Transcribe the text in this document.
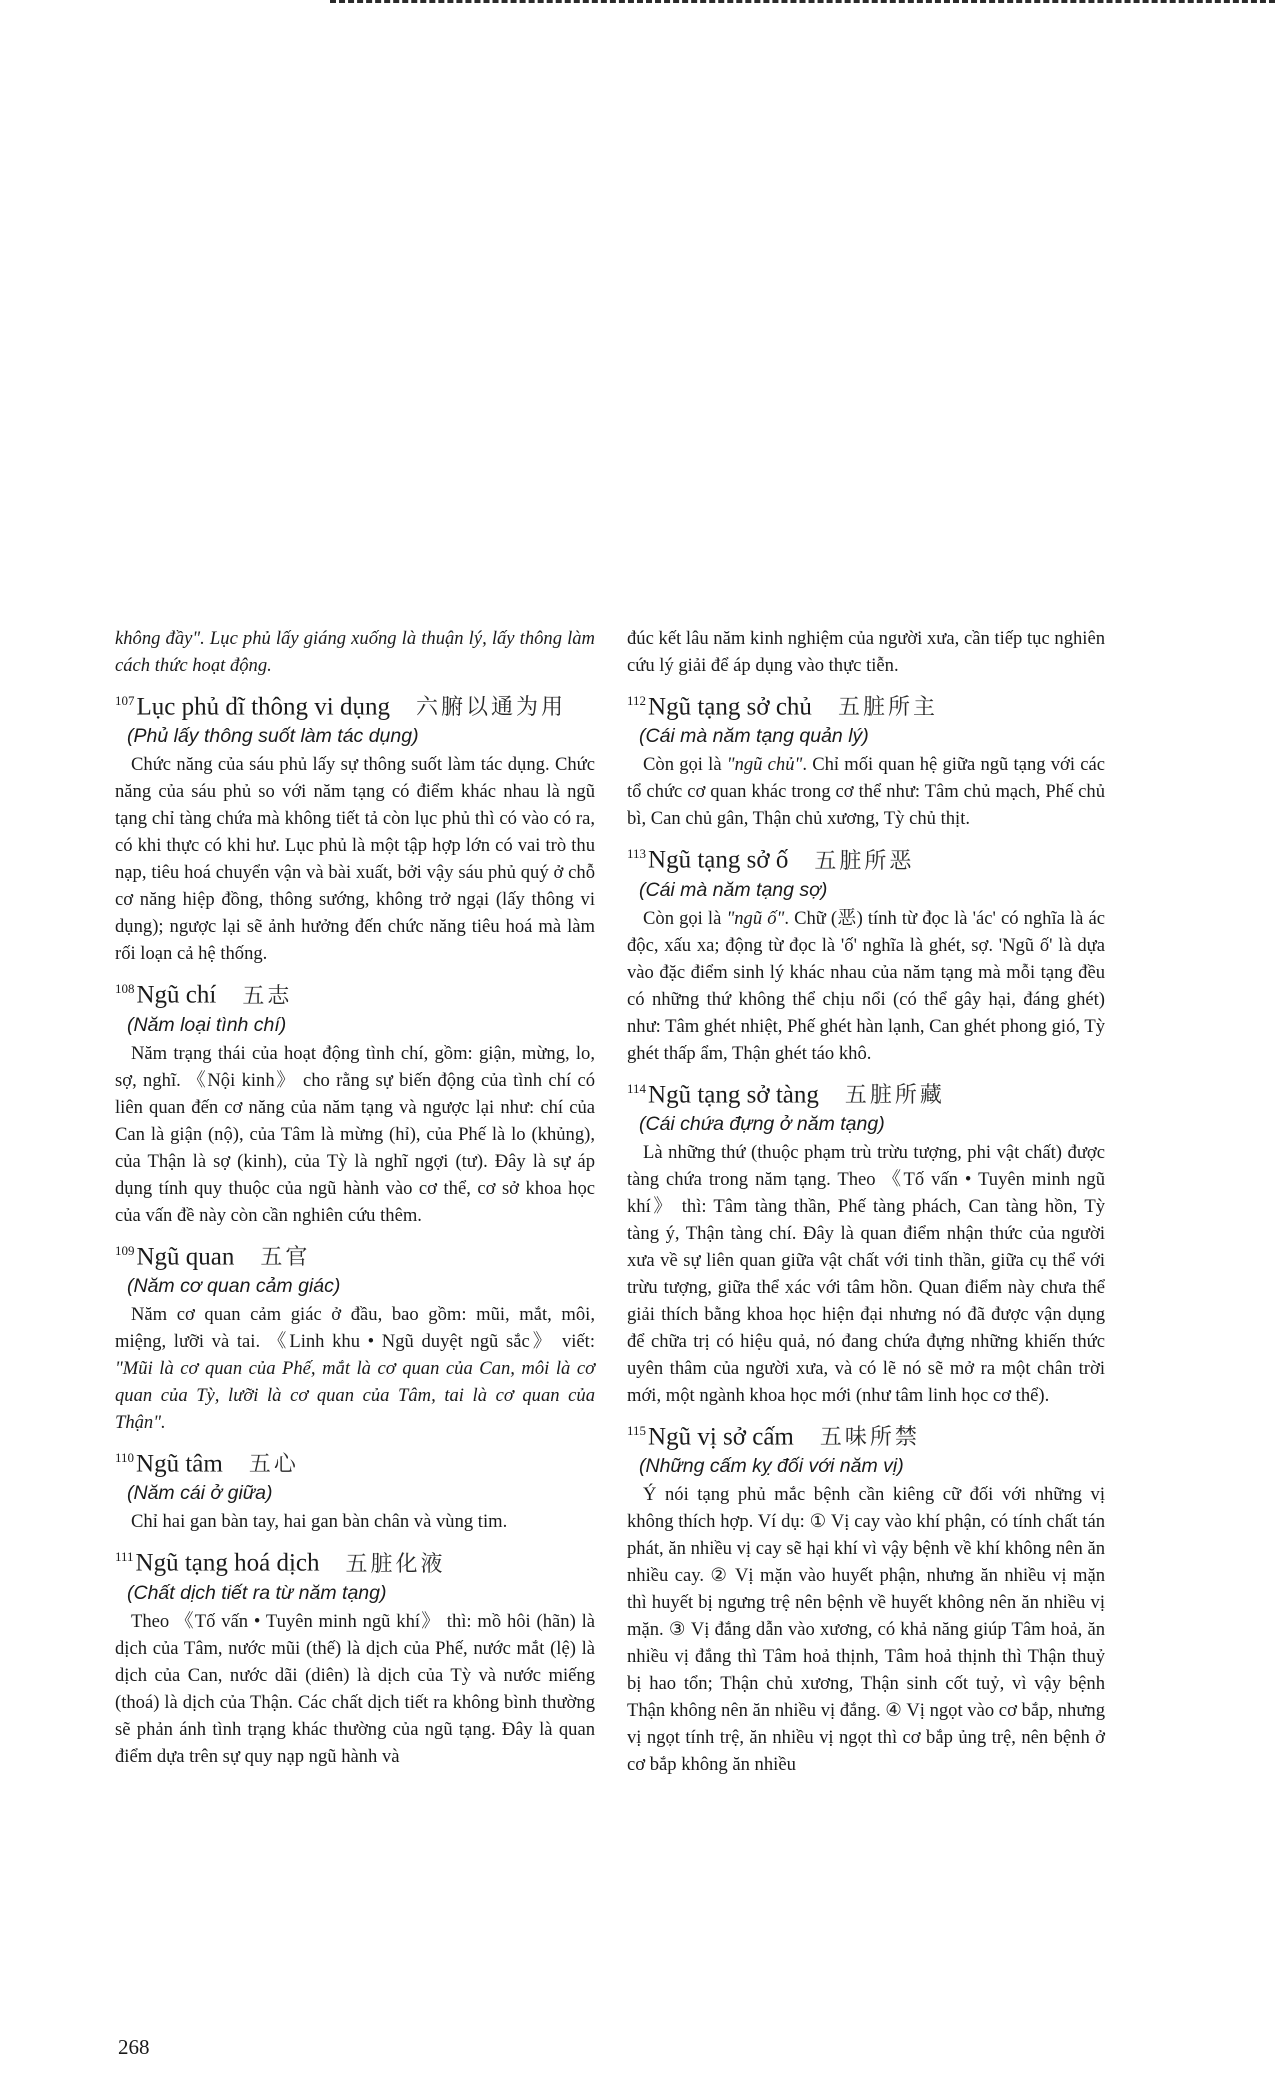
không đầy". Lục phủ lấy giáng xuống là thuận lý, lấy thông làm cách thức hoạt động.

$^{107}$Lục phủ dĩ thông vi dụng 六腑以通为用
(Phủ lấy thông suốt làm tác dụng)

Chức năng của sáu phủ lấy sự thông suốt làm tác dụng. Chức năng của sáu phủ so với năm tạng có điểm khác nhau là ngũ tạng chỉ tàng chứa mà không tiết tả còn lục phủ thì có vào có ra, có khi thực có khi hư. Lục phủ là một tập hợp lớn có vai trò thu nạp, tiêu hoá chuyển vận và bài xuất, bởi vậy sáu phủ quý ở chỗ cơ năng hiệp đồng, thông sướng, không trở ngại (lấy thông vi dụng); ngược lại sẽ ảnh hưởng đến chức năng tiêu hoá mà làm rối loạn cả hệ thống.

$^{108}$Ngũ chí 五志
(Năm loại tình chí)

Năm trạng thái của hoạt động tình chí, gồm: giận, mừng, lo, sợ, nghĩ. 《Nội kinh》 cho rằng sự biến động của tình chí có liên quan đến cơ năng của năm tạng và ngược lại như: chí của Can là giận (nộ), của Tâm là mừng (hỉ), của Phế là lo (khủng), của Thận là sợ (kinh), của Tỳ là nghĩ ngợi (tư). Đây là sự áp dụng tính quy thuộc của ngũ hành vào cơ thể, cơ sở khoa học của vấn đề này còn cần nghiên cứu thêm.

$^{109}$Ngũ quan 五官
(Năm cơ quan cảm giác)

Năm cơ quan cảm giác ở đầu, bao gồm: mũi, mắt, môi, miệng, lưỡi và tai. 《Linh khu • Ngũ duyệt ngũ sắc》 viết: "Mũi là cơ quan của Phế, mắt là cơ quan của Can, môi là cơ quan của Tỳ, lưỡi là cơ quan của Tâm, tai là cơ quan của Thận".

$^{110}$Ngũ tâm 五心
(Năm cái ở giữa)

Chỉ hai gan bàn tay, hai gan bàn chân và vùng tim.

$^{111}$Ngũ tạng hoá dịch 五脏化液
(Chất dịch tiết ra từ năm tạng)

Theo 《Tố vấn • Tuyên minh ngũ khí》 thì: mồ hôi (hãn) là dịch của Tâm, nước mũi (thế) là dịch của Phế, nước mắt (lệ) là dịch của Can, nước dãi (diên) là dịch của Tỳ và nước miếng (thoá) là dịch của Thận. Các chất dịch tiết ra không bình thường sẽ phản ánh tình trạng khác thường của ngũ tạng. Đây là quan điểm dựa trên sự quy nạp ngũ hành và

đúc kết lâu năm kinh nghiệm của người xưa, cần tiếp tục nghiên cứu lý giải để áp dụng vào thực tiễn.

$^{112}$Ngũ tạng sở chủ 五脏所主
(Cái mà năm tạng quản lý)

Còn gọi là "ngũ chủ". Chỉ mối quan hệ giữa ngũ tạng với các tổ chức cơ quan khác trong cơ thể như: Tâm chủ mạch, Phế chủ bì, Can chủ gân, Thận chủ xương, Tỳ chủ thịt.

$^{113}$Ngũ tạng sở ố 五脏所恶
(Cái mà năm tạng sợ)

Còn gọi là "ngũ ố". Chữ (恶) tính từ đọc là 'ác' có nghĩa là ác độc, xấu xa; động từ đọc là 'ố' nghĩa là ghét, sợ. 'Ngũ ố' là dựa vào đặc điểm sinh lý khác nhau của năm tạng mà mỗi tạng đều có những thứ không thể chịu nổi (có thể gây hại, đáng ghét) như: Tâm ghét nhiệt, Phế ghét hàn lạnh, Can ghét phong gió, Tỳ ghét thấp ẩm, Thận ghét táo khô.

$^{114}$Ngũ tạng sở tàng 五脏所藏
(Cái chứa đựng ở năm tạng)

Là những thứ (thuộc phạm trù trừu tượng, phi vật chất) được tàng chứa trong năm tạng. Theo 《Tố vấn • Tuyên minh ngũ khí》 thì: Tâm tàng thần, Phế tàng phách, Can tàng hồn, Tỳ tàng ý, Thận tàng chí. Đây là quan điểm nhận thức của người xưa về sự liên quan giữa vật chất với tinh thần, giữa cụ thể với trừu tượng, giữa thể xác với tâm hồn. Quan điểm này chưa thể giải thích bằng khoa học hiện đại nhưng nó đã được vận dụng để chữa trị có hiệu quả, nó đang chứa đựng những khiến thức uyên thâm của người xưa, và có lẽ nó sẽ mở ra một chân trời mới, một ngành khoa học mới (như tâm linh học cơ thể).

$^{115}$Ngũ vị sở cấm 五味所禁
(Những cấm kỵ đối với năm vị)

Ý nói tạng phủ mắc bệnh cần kiêng cữ đối với những vị không thích hợp. Ví dụ: ① Vị cay vào khí phận, có tính chất tán phát, ăn nhiều vị cay sẽ hại khí vì vậy bệnh về khí không nên ăn nhiều cay. ② Vị mặn vào huyết phận, nhưng ăn nhiều vị mặn thì huyết bị ngưng trệ nên bệnh về huyết không nên ăn nhiều vị mặn. ③ Vị đắng dẫn vào xương, có khả năng giúp Tâm hoả, ăn nhiều vị đắng thì Tâm hoả thịnh, Tâm hoả thịnh thì Thận thuỷ bị hao tổn; Thận chủ xương, Thận sinh cốt tuỷ, vì vậy bệnh Thận không nên ăn nhiều vị đắng. ④ Vị ngọt vào cơ bắp, nhưng vị ngọt tính trệ, ăn nhiều vị ngọt thì cơ bắp ủng trệ, nên bệnh ở cơ bắp không ăn nhiều

268
